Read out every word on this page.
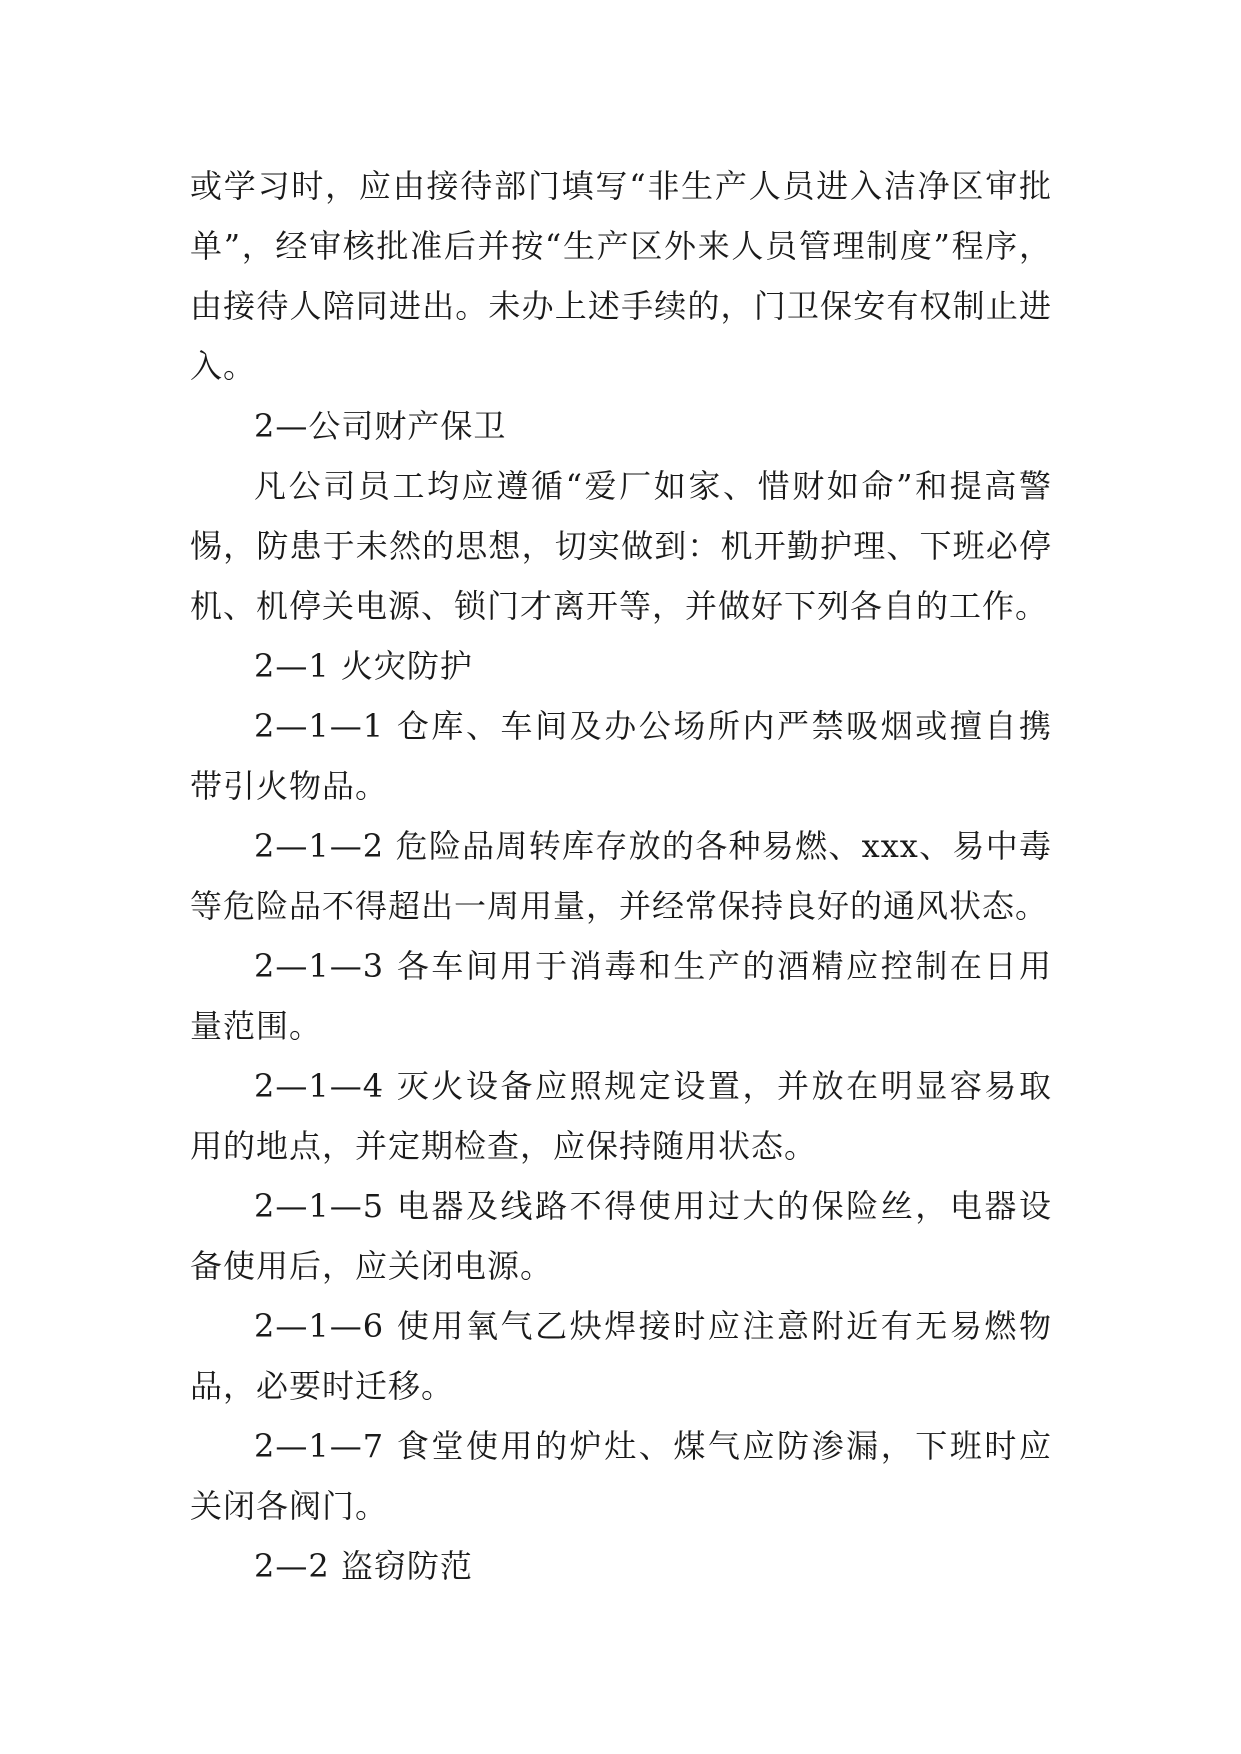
或学习时，应由接待部门填写“非生产人员进入洁净区审批单”，经审核批准后并按“生产区外来人员管理制度”程序，由接待人陪同进出。未办上述手续的，门卫保安有权制止进入。

2—公司财产保卫

凡公司员工均应遵循“爱厂如家、惜财如命”和提高警惕，防患于未然的思想，切实做到：机开勤护理、下班必停机、机停关电源、锁门才离开等，并做好下列各自的工作。

2—1 火灾防护

2—1—1 仓库、车间及办公场所内严禁吸烟或擅自携带引火物品。

2—1—2 危险品周转库存放的各种易燃、xxx、易中毒等危险品不得超出一周用量，并经常保持良好的通风状态。

2—1—3 各车间用于消毒和生产的酒精应控制在日用量范围。

2—1—4 灭火设备应照规定设置，并放在明显容易取用的地点，并定期检查，应保持随用状态。

2—1—5 电器及线路不得使用过大的保险丝，电器设备使用后，应关闭电源。

2—1—6 使用氧气乙炔焊接时应注意附近有无易燃物品，必要时迁移。

2—1—7 食堂使用的炉灶、煤气应防渗漏，下班时应关闭各阀门。

2—2 盗窃防范
